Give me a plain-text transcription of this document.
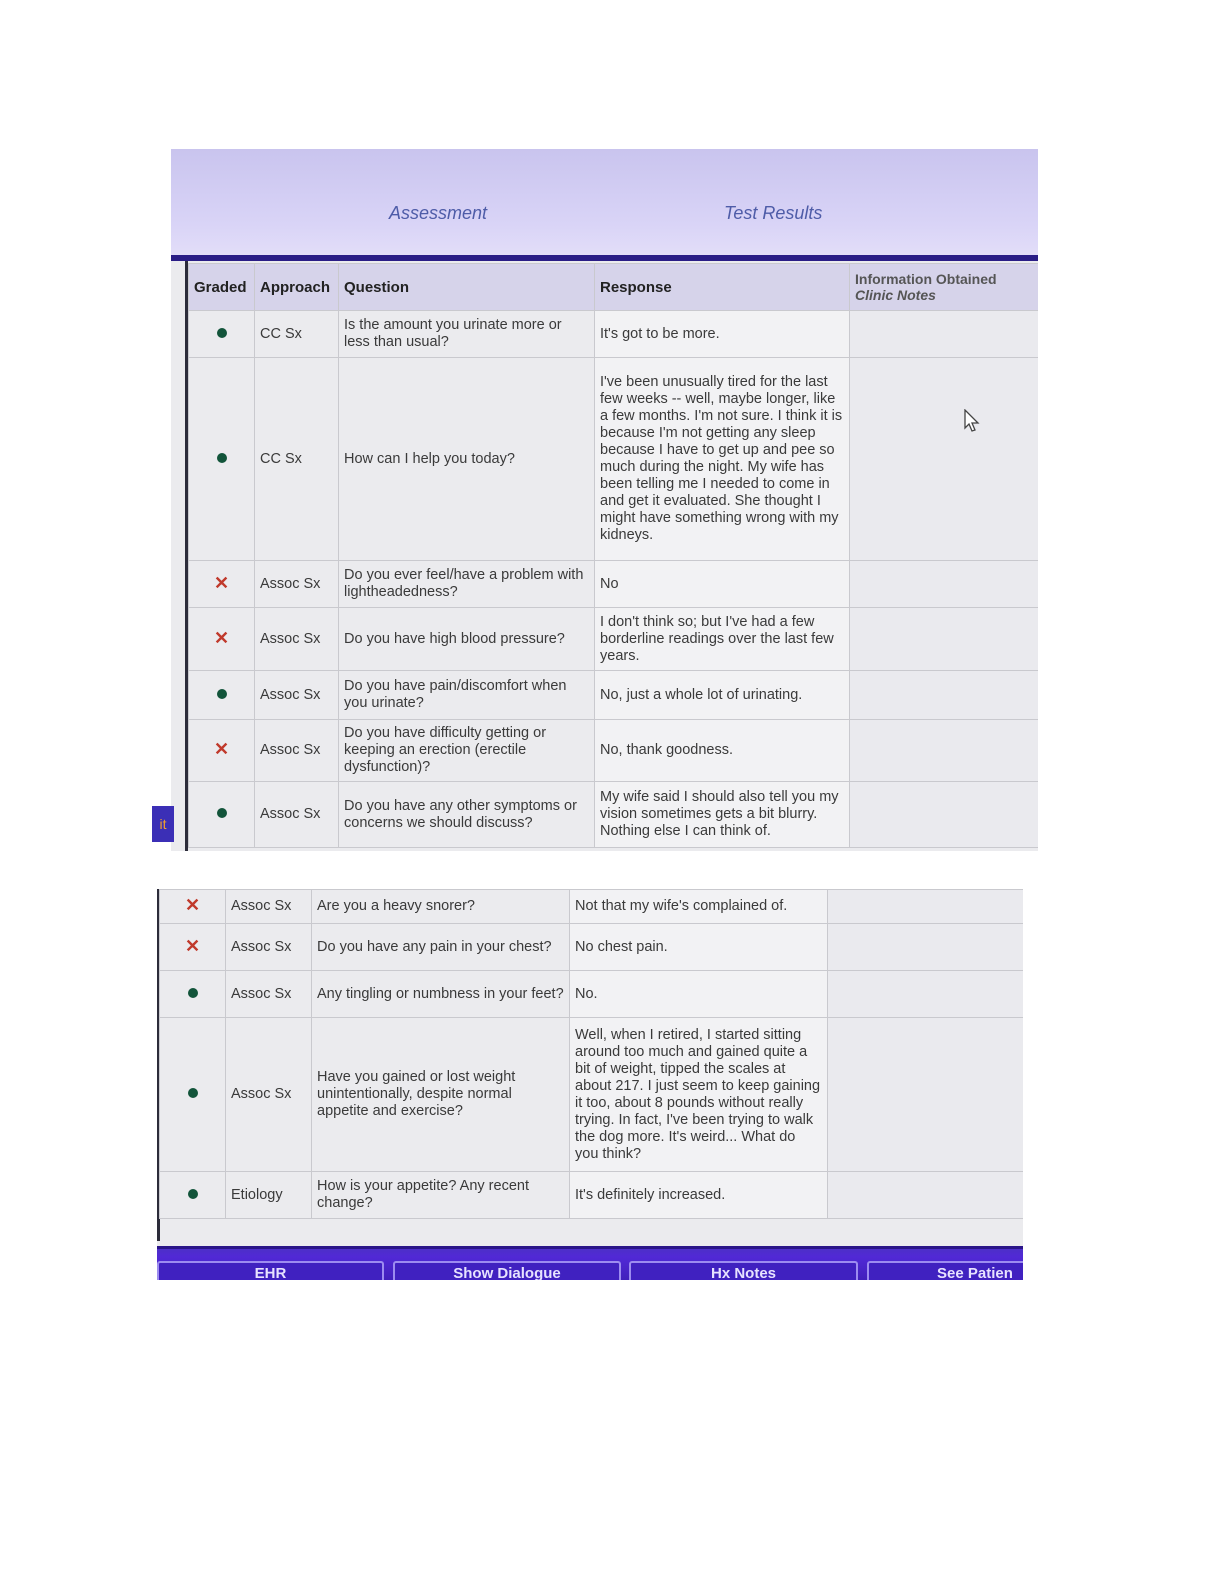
Assessment	Test Results
Graded	Approach	Question	Response	Information Obtained
Clinic Notes

	CC Sx	Is the amount you urinate more or less than usual?	It's got to be more.	
	CC Sx	How can I help you today?	I've been unusually tired for the last few weeks -- well, maybe longer, like a few months. I'm not sure. I think it is because I'm not getting any sleep because I have to get up and pee so much during the night. My wife has been telling me I needed to come in and get it evaluated. She thought I might have something wrong with my kidneys.	
✕	Assoc Sx	Do you ever feel/have a problem with lightheadedness?	No	
✕	Assoc Sx	Do you have high blood pressure?	I don't think so; but I've had a few borderline readings over the last few years.	
	Assoc Sx	Do you have pain/discomfort when you urinate?	No, just a whole lot of urinating.	
✕	Assoc Sx	Do you have difficulty getting or keeping an erection (erectile dysfunction)?	No, thank goodness.	
	Assoc Sx	Do you have any other symptoms or concerns we should discuss?	My wife said I should also tell you my vision sometimes gets a bit blurry. Nothing else I can think of.	
it
✕	Assoc Sx	Are you a heavy snorer?	Not that my wife's complained of.	
✕	Assoc Sx	Do you have any pain in your chest?	No chest pain.	
	Assoc Sx	Any tingling or numbness in your feet?	No.	
	Assoc Sx	Have you gained or lost weight unintentionally, despite normal appetite and exercise?	Well, when I retired, I started sitting around too much and gained quite a bit of weight, tipped the scales at about 217. I just seem to keep gaining it too, about 8 pounds without really trying. In fact, I've been trying to walk the dog more. It's weird... What do you think?	
	Etiology	How is your appetite? Any recent change?	It's definitely increased.	
EHR	Show Dialogue	Hx Notes	See Patien
